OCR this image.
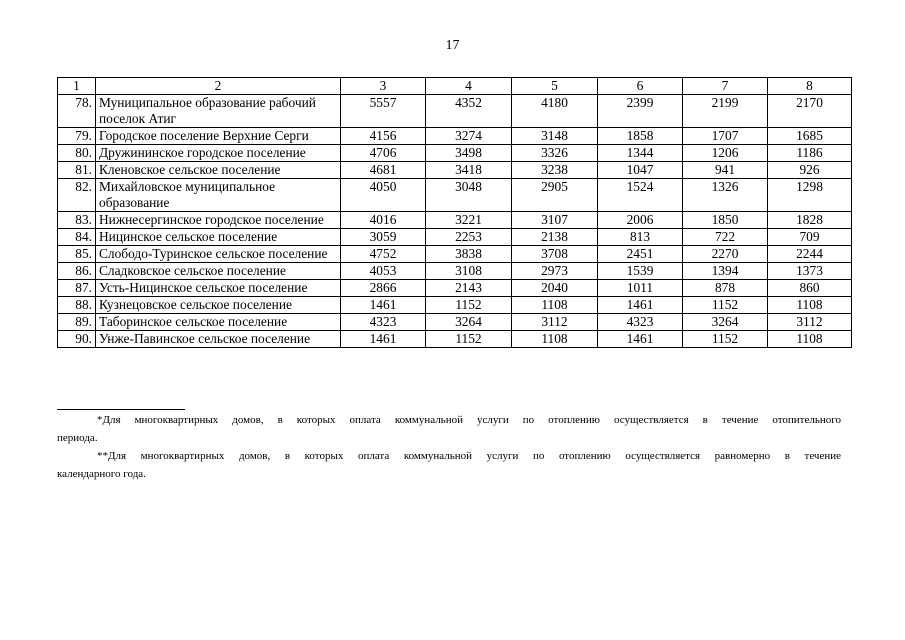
17
1	2	3	4	5	6	7	8
78.	Муниципальное образование рабочий поселок Атиг	5557	4352	4180	2399	2199	2170
79.	Городское поселение Верхние Серги	4156	3274	3148	1858	1707	1685
80.	Дружининское городское поселение	4706	3498	3326	1344	1206	1186
81.	Кленовское сельское поселение	4681	3418	3238	1047	941	926
82.	Михайловское муниципальное образование	4050	3048	2905	1524	1326	1298
83.	Нижнесергинское городское поселение	4016	3221	3107	2006	1850	1828
84.	Ницинское сельское поселение	3059	2253	2138	813	722	709
85.	Слободо-Туринское сельское поселение	4752	3838	3708	2451	2270	2244
86.	Сладковское сельское поселение	4053	3108	2973	1539	1394	1373
87.	Усть-Ницинское сельское поселение	2866	2143	2040	1011	878	860
88.	Кузнецовское сельское поселение	1461	1152	1108	1461	1152	1108
89.	Таборинское сельское поселение	4323	3264	3112	4323	3264	3112
90.	Унже-Павинское сельское поселение	1461	1152	1108	1461	1152	1108
*Для многоквартирных домов, в которых оплата коммунальной услуги по отоплению осуществляется в течение отопительного
периода.
**Для многоквартирных домов, в которых оплата коммунальной услуги по отоплению осуществляется равномерно в течение
календарного года.
